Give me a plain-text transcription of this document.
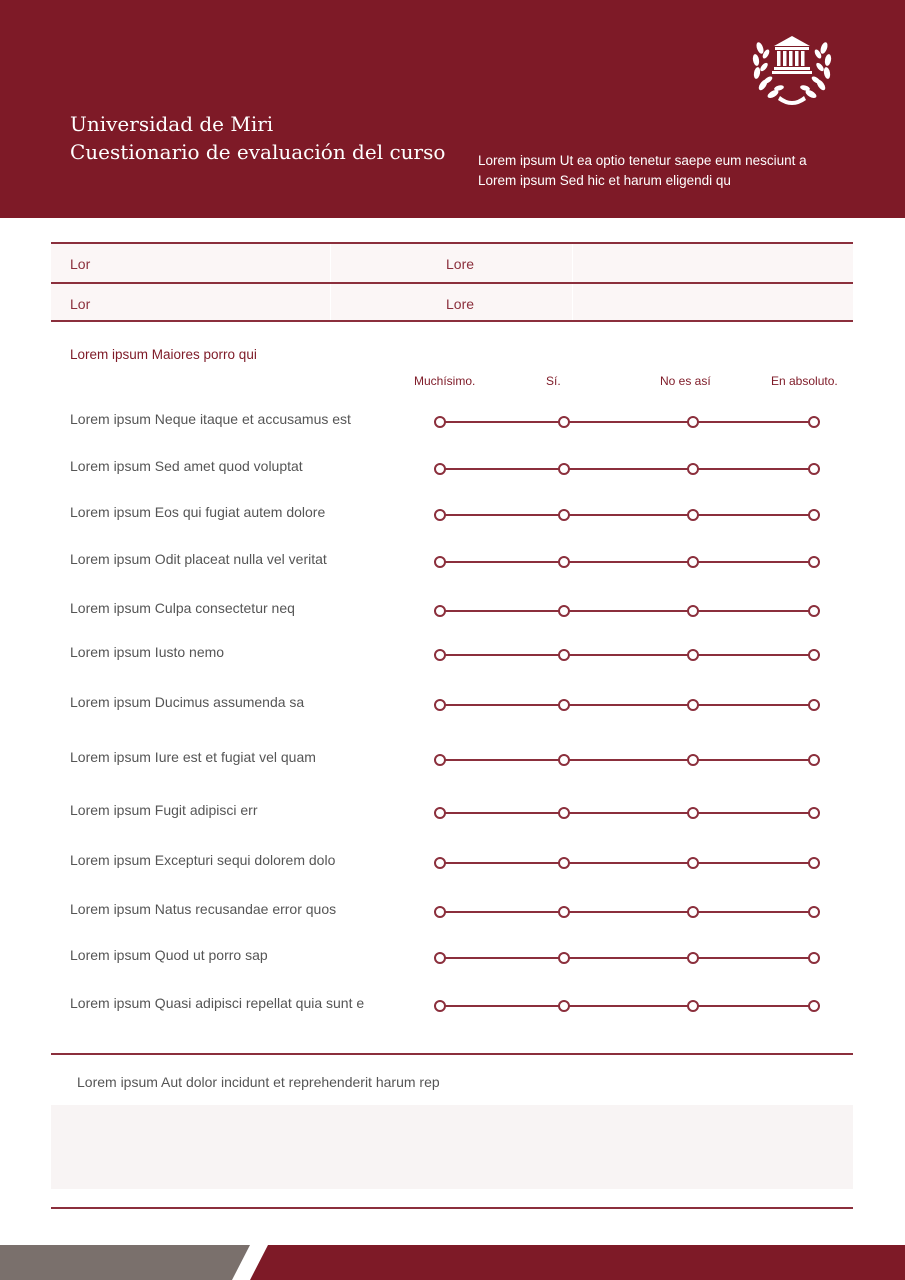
Universidad de Miri
Cuestionario de evaluación del curso Lorem ipsum Ut ea optio tenetur saepe eum nesciunt a
Lorem ipsum Sed hic et harum eligendi qu
Lor	Lore
Lor	Lore
Lorem ipsum Maiores porro qui
Muchísimo.	Sí.	No es así	En absoluto.
Lorem ipsum Neque itaque et accusamus est
Lorem ipsum Sed amet quod voluptat
Lorem ipsum Eos qui fugiat autem dolore
Lorem ipsum Odit placeat nulla vel veritat
Lorem ipsum Culpa consectetur neq
Lorem ipsum Iusto nemo
Lorem ipsum Ducimus assumenda sa
Lorem ipsum Iure est et fugiat vel quam
Lorem ipsum Fugit adipisci err
Lorem ipsum Excepturi sequi dolorem dolo
Lorem ipsum Natus recusandae error quos
Lorem ipsum Quod ut porro sap
Lorem ipsum Quasi adipisci repellat quia sunt e
Lorem ipsum Aut dolor incidunt et reprehenderit harum rep
